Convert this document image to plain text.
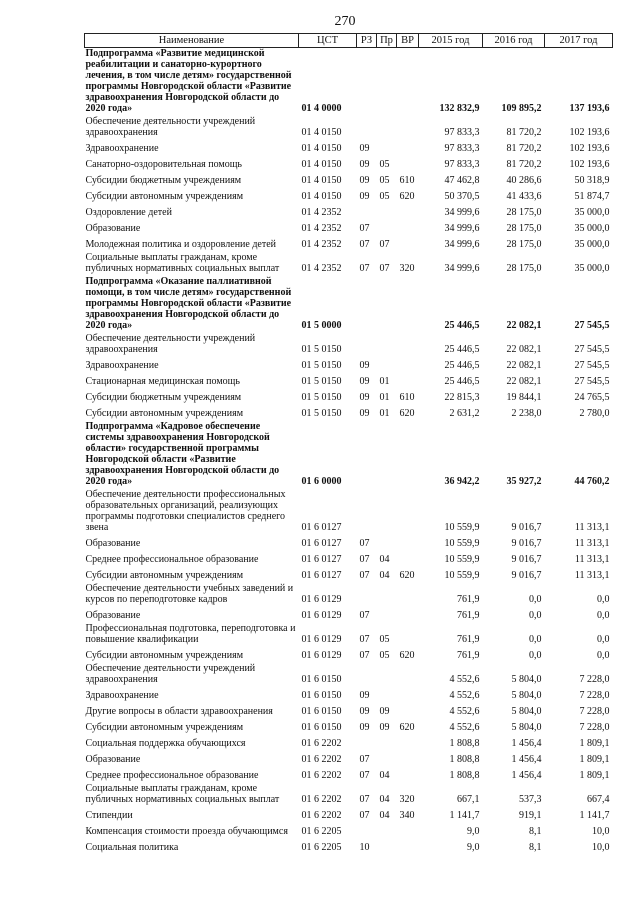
270
Наименование	ЦСТ	РЗ	Пр	ВР	2015 год	2016 год	2017 год
Подпрограмма «Развитие медицинской реабилитации и санаторно-курортного лечения, в том числе детям» государственной программы Новгородской области «Развитие здравоохранения Новгородской области до 2020 года»	01 4 0000				132 832,9	109 895,2	137 193,6
Обеспечение деятельности учреждений здравоохранения	01 4 0150				97 833,3	81 720,2	102 193,6
Здравоохранение	01 4 0150	09			97 833,3	81 720,2	102 193,6
Санаторно-оздоровительная помощь	01 4 0150	09	05		97 833,3	81 720,2	102 193,6
Субсидии бюджетным учреждениям	01 4 0150	09	05	610	47 462,8	40 286,6	50 318,9
Субсидии автономным учреждениям	01 4 0150	09	05	620	50 370,5	41 433,6	51 874,7
Оздоровление детей	01 4 2352				34 999,6	28 175,0	35 000,0
Образование	01 4 2352	07			34 999,6	28 175,0	35 000,0
Молодежная политика и оздоровление детей	01 4 2352	07	07		34 999,6	28 175,0	35 000,0
Социальные выплаты гражданам, кроме публичных нормативных социальных выплат	01 4 2352	07	07	320	34 999,6	28 175,0	35 000,0
Подпрограмма «Оказание паллиативной помощи, в том числе детям» государственной программы Новгородской области «Развитие здравоохранения Новгородской области до 2020 года»	01 5 0000				25 446,5	22 082,1	27 545,5
Обеспечение деятельности учреждений здравоохранения	01 5 0150				25 446,5	22 082,1	27 545,5
Здравоохранение	01 5 0150	09			25 446,5	22 082,1	27 545,5
Стационарная медицинская помощь	01 5 0150	09	01		25 446,5	22 082,1	27 545,5
Субсидии бюджетным учреждениям	01 5 0150	09	01	610	22 815,3	19 844,1	24 765,5
Субсидии автономным учреждениям	01 5 0150	09	01	620	2 631,2	2 238,0	2 780,0
Подпрограмма «Кадровое обеспечение системы здравоохранения Новгородской области» государственной программы Новгородской области «Развитие здравоохранения Новгородской области до 2020 года»	01 6 0000				36 942,2	35 927,2	44 760,2
Обеспечение деятельности профессиональных образовательных организаций, реализующих программы подготовки специалистов среднего звена	01 6 0127				10 559,9	9 016,7	11 313,1
Образование	01 6 0127	07			10 559,9	9 016,7	11 313,1
Среднее профессиональное образование	01 6 0127	07	04		10 559,9	9 016,7	11 313,1
Субсидии автономным учреждениям	01 6 0127	07	04	620	10 559,9	9 016,7	11 313,1
Обеспечение деятельности учебных заведений и курсов по переподготовке кадров	01 6 0129				761,9	0,0	0,0
Образование	01 6 0129	07			761,9	0,0	0,0
Профессиональная подготовка, переподготовка и повышение квалификации	01 6 0129	07	05		761,9	0,0	0,0
Субсидии автономным учреждениям	01 6 0129	07	05	620	761,9	0,0	0,0
Обеспечение деятельности учреждений здравоохранения	01 6 0150				4 552,6	5 804,0	7 228,0
Здравоохранение	01 6 0150	09			4 552,6	5 804,0	7 228,0
Другие вопросы в области здравоохранения	01 6 0150	09	09		4 552,6	5 804,0	7 228,0
Субсидии автономным учреждениям	01 6 0150	09	09	620	4 552,6	5 804,0	7 228,0
Социальная поддержка обучающихся	01 6 2202				1 808,8	1 456,4	1 809,1
Образование	01 6 2202	07			1 808,8	1 456,4	1 809,1
Среднее профессиональное образование	01 6 2202	07	04		1 808,8	1 456,4	1 809,1
Социальные выплаты гражданам, кроме публичных нормативных социальных выплат	01 6 2202	07	04	320	667,1	537,3	667,4
Стипендии	01 6 2202	07	04	340	1 141,7	919,1	1 141,7
Компенсация стоимости проезда обучающимся	01 6 2205				9,0	8,1	10,0
Социальная политика	01 6 2205	10			9,0	8,1	10,0
